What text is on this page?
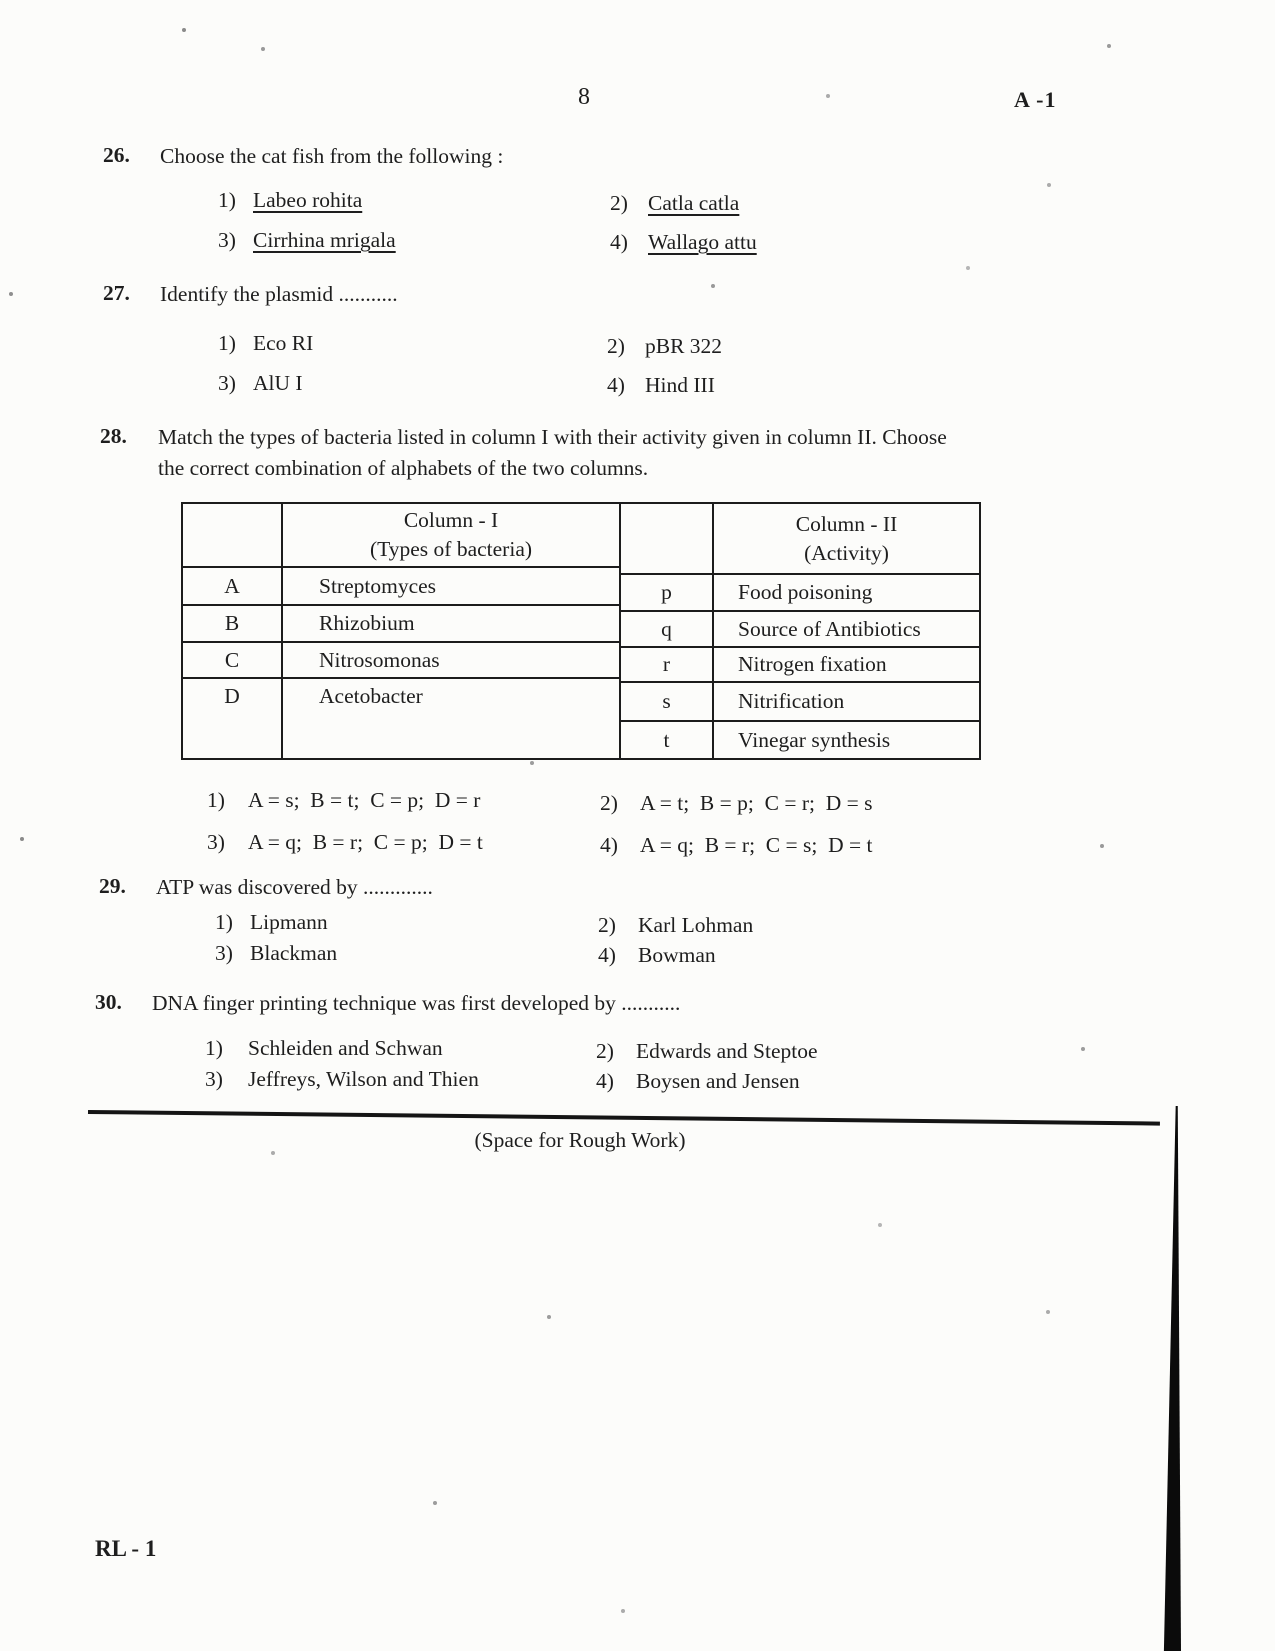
8	A -1
26. Choose the cat fish from the following :
1) Labeo rohita	2) Catla catla
3) Cirrhina mrigala	4) Wallago attu
27. Identify the plasmid ...........
1) Eco RI	2) pBR 322
3) AlU I	4) Hind III
28. Match the types of bacteria listed in column I with their activity given in column II. Choose
the correct combination of alphabets of the two columns.
Column - I
(Types of bacteria)
A	Streptomyces
B	Rhizobium
C	Nitrosomonas
D	Acetobacter
Column - II
(Activity)
p	Food poisoning
q	Source of Antibiotics
r	Nitrogen fixation
s	Nitrification
t	Vinegar synthesis
1) A = s;  B = t;  C = p;  D = r	2) A = t;  B = p;  C = r;  D = s
3) A = q;  B = r;  C = p;  D = t	4) A = q;  B = r;  C = s;  D = t
29. ATP was discovered by .............
1) Lipmann	2) Karl Lohman
3) Blackman	4) Bowman
30. DNA finger printing technique was first developed by ...........
1) Schleiden and Schwan	2) Edwards and Steptoe
3) Jeffreys, Wilson and Thien	4) Boysen and Jensen
(Space for Rough Work)
RL - 1
